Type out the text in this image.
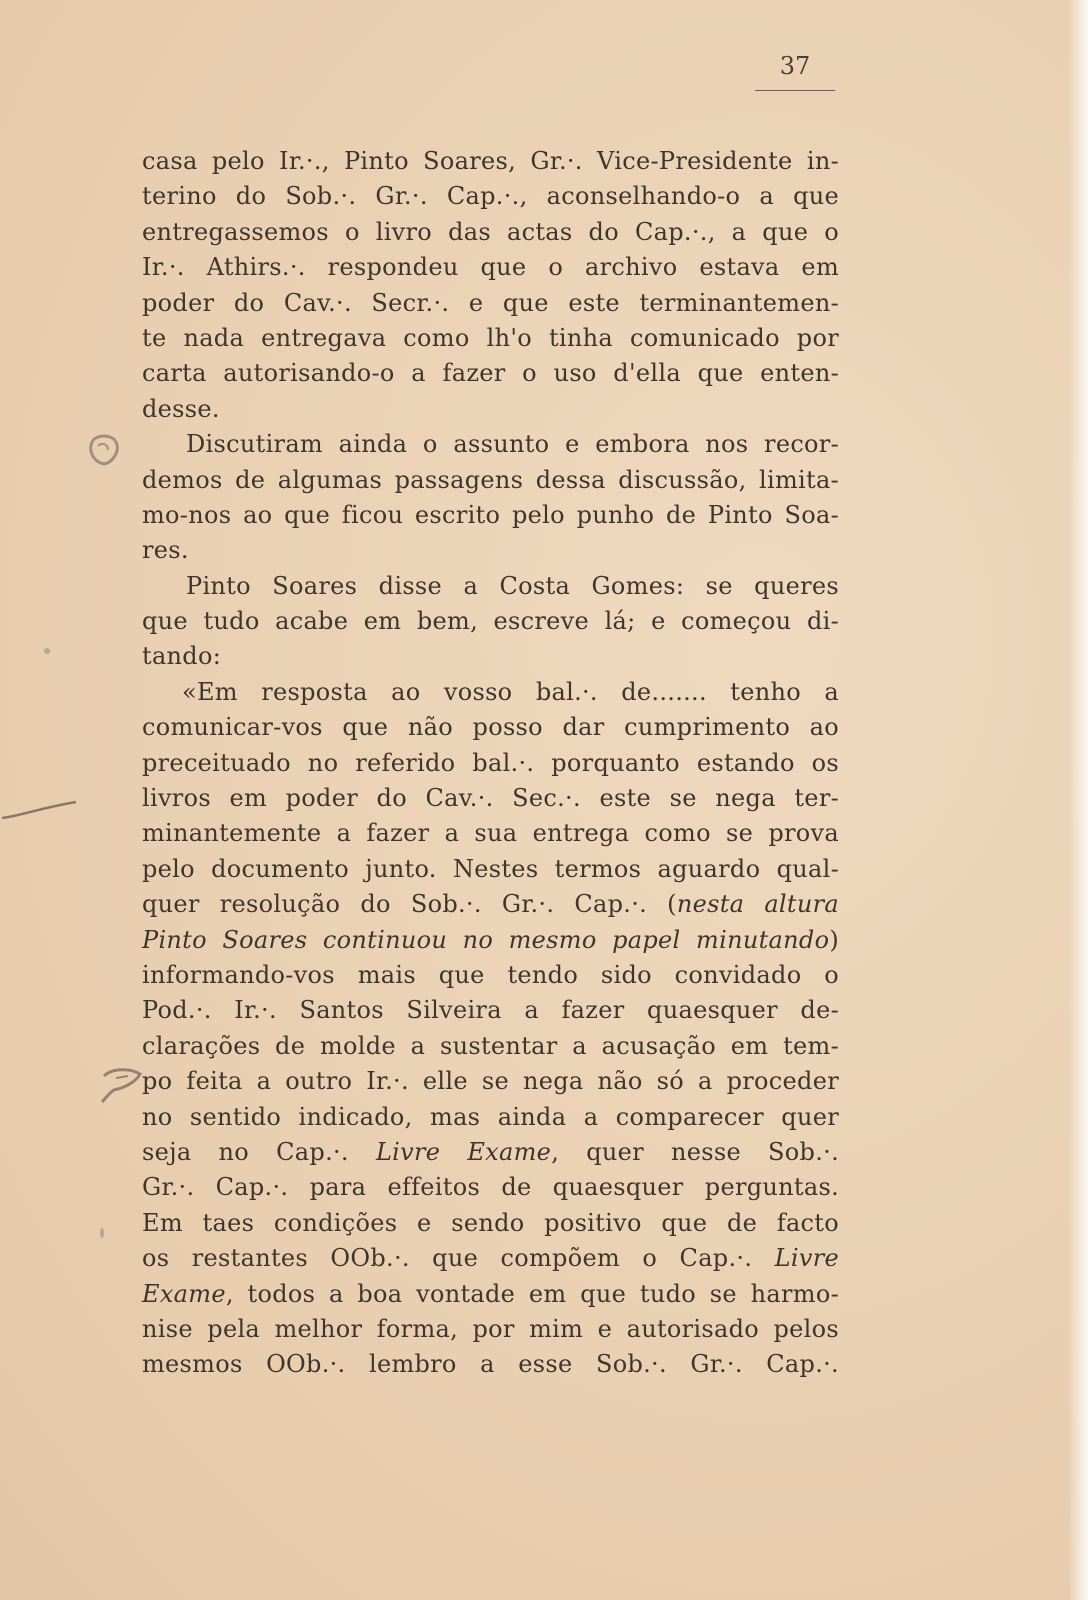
37
casa pelo Ir.·., Pinto Soares, Gr.·. Vice-Presidente in-
terino do Sob.·. Gr.·. Cap.·., aconselhando-o a que
entregassemos o livro das actas do Cap.·., a que o
Ir.·. Athirs.·. respondeu que o archivo estava em
poder do Cav.·. Secr.·. e que este terminantemen-
te nada entregava como lh'o tinha comunicado por
carta autorisando-o a fazer o uso d'ella que enten-
desse.
Discutiram ainda o assunto e embora nos recor-
demos de algumas passagens dessa discussão, limita-
mo-nos ao que ficou escrito pelo punho de Pinto Soa-
res.
Pinto Soares disse a Costa Gomes: se queres
que tudo acabe em bem, escreve lá; e começou di-
tando:
«Em resposta ao vosso bal.·. de....... tenho a
comunicar-vos que não posso dar cumprimento ao
preceituado no referido bal.·. porquanto estando os
livros em poder do Cav.·. Sec.·. este se nega ter-
minantemente a fazer a sua entrega como se prova
pelo documento junto. Nestes termos aguardo qual-
quer resolução do Sob.·. Gr.·. Cap.·. (nesta altura
Pinto Soares continuou no mesmo papel minutando)
informando-vos mais que tendo sido convidado o
Pod.·. Ir.·. Santos Silveira a fazer quaesquer de-
clarações de molde a sustentar a acusação em tem-
po feita a outro Ir.·. elle se nega não só a proceder
no sentido indicado, mas ainda a comparecer quer
seja no Cap.·. Livre Exame, quer nesse Sob.·.
Gr.·. Cap.·. para effeitos de quaesquer perguntas.
Em taes condições e sendo positivo que de facto
os restantes OOb.·. que compõem o Cap.·. Livre
Exame, todos a boa vontade em que tudo se harmo-
nise pela melhor forma, por mim e autorisado pelos
mesmos OOb.·. lembro a esse Sob.·. Gr.·. Cap.·.
